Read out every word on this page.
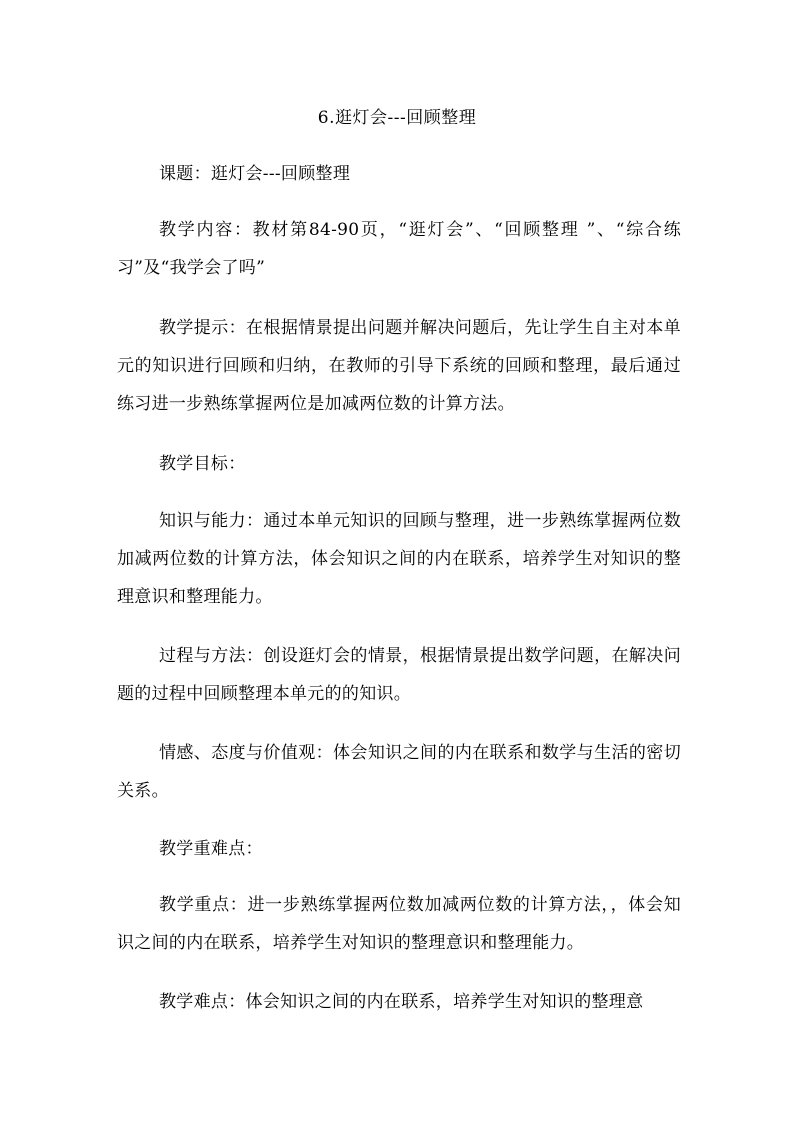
6.逛灯会---回顾整理
课题：逛灯会---回顾整理
教学内容：教材第84-90页，“逛灯会”、“回顾整理 ”、“综合练习”及“我学会了吗”
教学提示：在根据情景提出问题并解决问题后，先让学生自主对本单元的知识进行回顾和归纳，在教师的引导下系统的回顾和整理，最后通过练习进一步熟练掌握两位是加减两位数的计算方法。
教学目标：
知识与能力：通过本单元知识的回顾与整理，进一步熟练掌握两位数加减两位数的计算方法，体会知识之间的内在联系，培养学生对知识的整理意识和整理能力。
过程与方法：创设逛灯会的情景，根据情景提出数学问题，在解决问题的过程中回顾整理本单元的的知识。
情感、态度与价值观：体会知识之间的内在联系和数学与生活的密切关系。
教学重难点：
教学重点：进一步熟练掌握两位数加减两位数的计算方法，，体会知识之间的内在联系，培养学生对知识的整理意识和整理能力。
教学难点：体会知识之间的内在联系，培养学生对知识的整理意
